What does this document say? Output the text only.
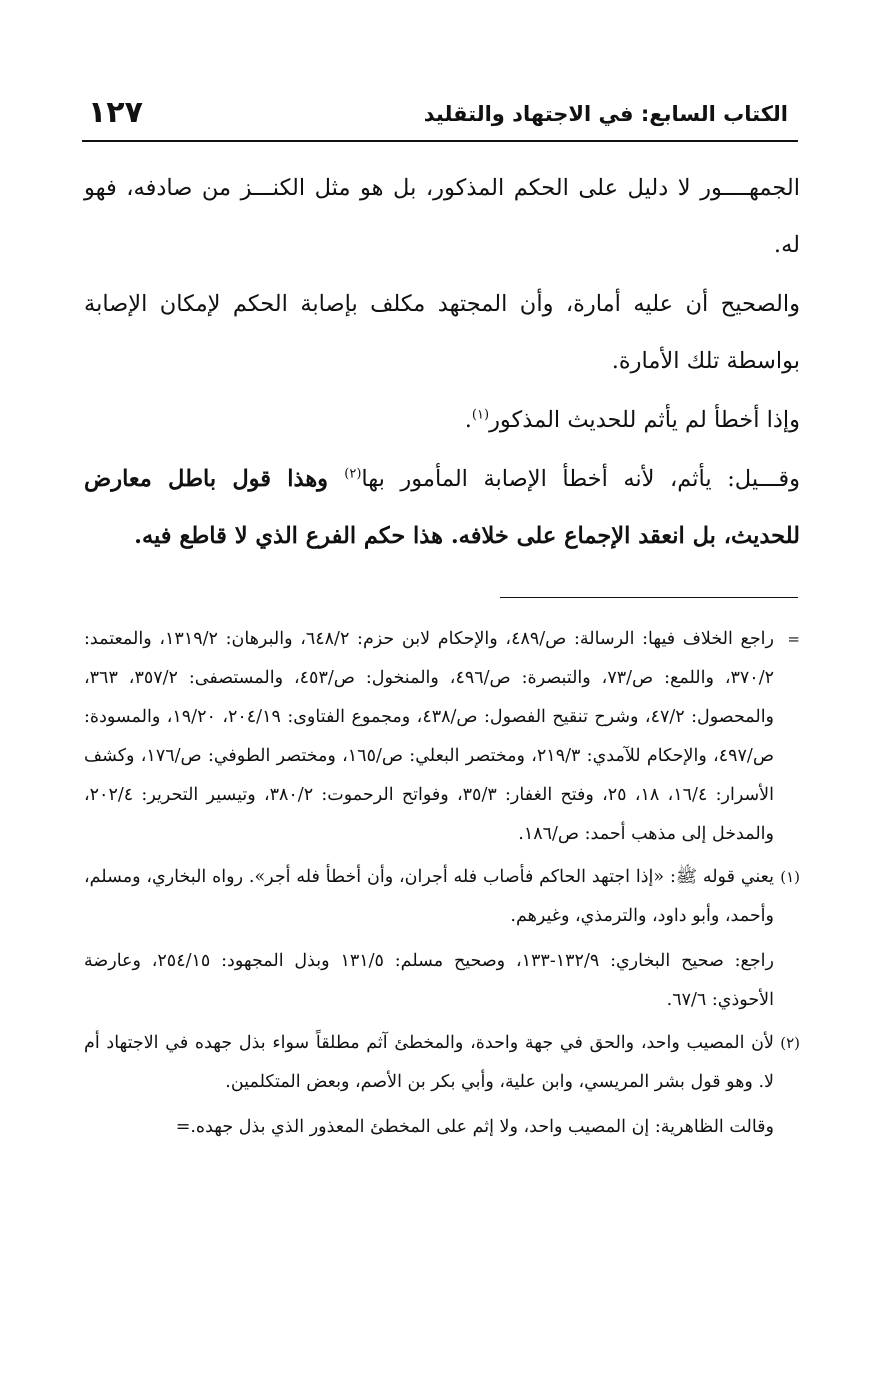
الكتاب السابع: في الاجتهاد والتقليد
١٢٧

الجمهــــور لا دليل على الحكم المذكور، بل هو مثل الكنـــز من صادفه، فهو له.

والصحيح أن عليه أمارة، وأن المجتهد مكلف بإصابة الحكم لإمكان الإصابة بواسطة تلك الأمارة.

وإذا أخطأ لم يأثم للحديث المذكور$^{(١)}$.

وقـــيل: يأثم، لأنه أخطأ الإصابة المأمور بها$^{(٢)}$ وهذا قول باطل معارض للحديث، بل انعقد الإجماع على خلافه. هذا حكم الفرع الذي لا قاطع فيه.

=

راجع الخلاف فيها: الرسالة: ص/٤٨٩، والإحكام لابن حزم: ٦٤٨/٢، والبرهان: ١٣١٩/٢، والمعتمد: ٣٧٠/٢، واللمع: ص/٧٣، والتبصرة: ص/٤٩٦، والمنخول: ص/٤٥٣، والمستصفى: ٣٥٧/٢، ٣٦٣، والمحصول: ٤٧/٢، وشرح تنقيح الفصول: ص/٤٣٨، ومجموع الفتاوى: ٢٠٤/١٩، ١٩/٢٠، والمسودة: ص/٤٩٧، والإحكام للآمدي: ٢١٩/٣، ومختصر البعلي: ص/١٦٥، ومختصر الطوفي: ص/١٧٦، وكشف الأسرار: ١٦/٤، ١٨، ٢٥، وفتح الغفار: ٣٥/٣، وفواتح الرحموت: ٣٨٠/٢، وتيسير التحرير: ٢٠٢/٤، والمدخل إلى مذهب أحمد: ص/١٨٦.

(١)

يعني قوله ﷺ: «إذا اجتهد الحاكم فأصاب فله أجران، وأن أخطأ فله أجر». رواه البخاري، ومسلم، وأحمد، وأبو داود، والترمذي، وغيرهم.

راجع: صحيح البخاري: ١٣٢/٩-١٣٣، وصحيح مسلم: ١٣١/٥ وبذل المجهود: ٢٥٤/١٥، وعارضة الأحوذي: ٦٧/٦.

(٢)

لأن المصيب واحد، والحق في جهة واحدة، والمخطئ آثم مطلقاً سواء بذل جهده في الاجتهاد أم لا. وهو قول بشر المريسي، وابن علية، وأبي بكر بن الأصم، وبعض المتكلمين.

وقالت الظاهرية: إن المصيب واحد، ولا إثم على المخطئ المعذور الذي بذل جهده.=
